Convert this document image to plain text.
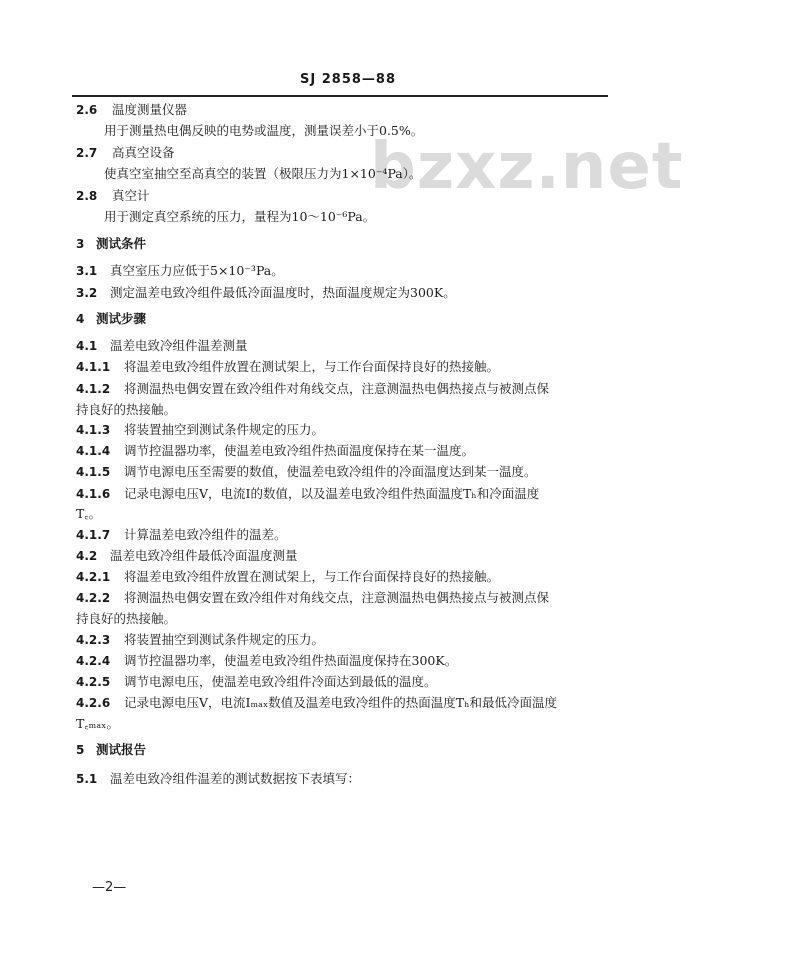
SJ 2858—88
bzxz.net
2.6 温度测量仪器
用于测量热电偶反映的电势或温度，测量误差小于0.5%。
2.7 高真空设备
使真空室抽空至高真空的装置（极限压力为1×10⁻⁴Pa）。
2.8 真空计
用于测定真空系统的压力，量程为10～10⁻⁶Pa。
3 测试条件
3.1 真空室压力应低于5×10⁻³Pa。
3.2 测定温差电致冷组件最低冷面温度时，热面温度规定为300K。
4 测试步骤
4.1 温差电致冷组件温差测量
4.1.1 将温差电致冷组件放置在测试架上，与工作台面保持良好的热接触。
4.1.2 将测温热电偶安置在致冷组件对角线交点，注意测温热电偶热接点与被测点保
持良好的热接触。
4.1.3 将装置抽空到测试条件规定的压力。
4.1.4 调节控温器功率，使温差电致冷组件热面温度保持在某一温度。
4.1.5 调节电源电压至需要的数值，使温差电致冷组件的冷面温度达到某一温度。
4.1.6 记录电源电压V，电流I的数值，以及温差电致冷组件热面温度Tₕ和冷面温度
T꜀。
4.1.7 计算温差电致冷组件的温差。
4.2 温差电致冷组件最低冷面温度测量
4.2.1 将温差电致冷组件放置在测试架上，与工作台面保持良好的热接触。
4.2.2 将测温热电偶安置在致冷组件对角线交点，注意测温热电偶热接点与被测点保
持良好的热接触。
4.2.3 将装置抽空到测试条件规定的压力。
4.2.4 调节控温器功率，使温差电致冷组件热面温度保持在300K。
4.2.5 调节电源电压，使温差电致冷组件冷面达到最低的温度。
4.2.6 记录电源电压V，电流Iₘₐₓ数值及温差电致冷组件的热面温度Tₕ和最低冷面温度
T꜀ₘₐₓ。
5 测试报告
5.1 温差电致冷组件温差的测试数据按下表填写：
—2—
